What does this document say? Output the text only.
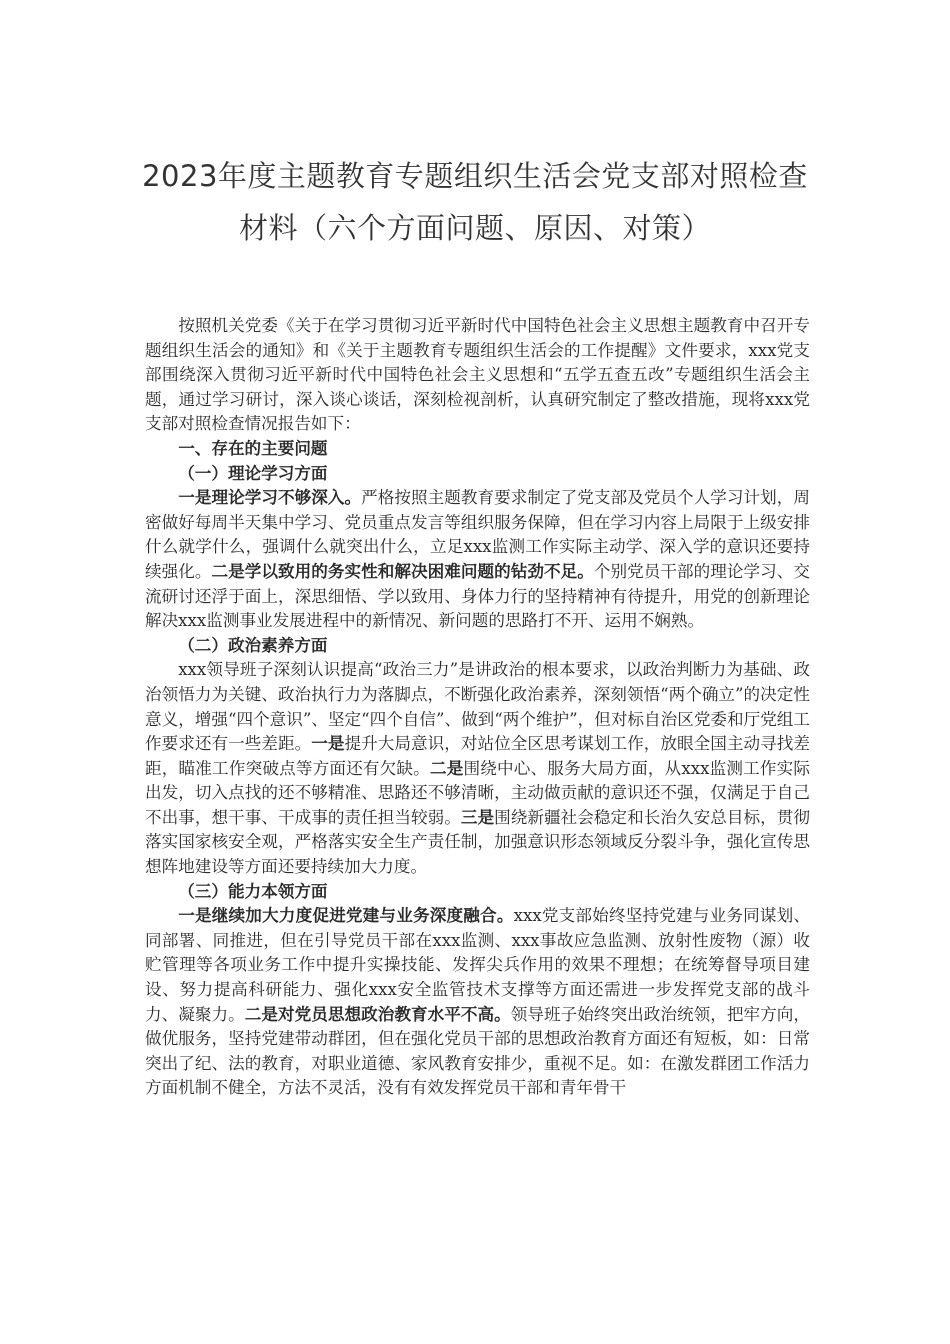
2023年度主题教育专题组织生活会党支部对照检查
材料（六个方面问题、原因、对策）

按照机关党委《关于在学习贯彻习近平新时代中国特色社会主义思想主题教育中召开专题组织生活会的通知》和《关于主题教育专题组织生活会的工作提醒》文件要求，xxx党支部围绕深入贯彻习近平新时代中国特色社会主义思想和“五学五查五改”专题组织生活会主题，通过学习研讨，深入谈心谈话，深刻检视剖析，认真研究制定了整改措施，现将xxx党支部对照检查情况报告如下：

一、存在的主要问题

（一）理论学习方面

一是理论学习不够深入。严格按照主题教育要求制定了党支部及党员个人学习计划，周密做好每周半天集中学习、党员重点发言等组织服务保障，但在学习内容上局限于上级安排什么就学什么，强调什么就突出什么，立足xxx监测工作实际主动学、深入学的意识还要持续强化。二是学以致用的务实性和解决困难问题的钻劲不足。个别党员干部的理论学习、交流研讨还浮于面上，深思细悟、学以致用、身体力行的坚持精神有待提升，用党的创新理论解决xxx监测事业发展进程中的新情况、新问题的思路打不开、运用不娴熟。

（二）政治素养方面

xxx领导班子深刻认识提高“政治三力”是讲政治的根本要求，以政治判断力为基础、政治领悟力为关键、政治执行力为落脚点，不断强化政治素养，深刻领悟“两个确立”的决定性意义，增强“四个意识”、坚定“四个自信”、做到“两个维护”，但对标自治区党委和厅党组工作要求还有一些差距。一是提升大局意识，对站位全区思考谋划工作，放眼全国主动寻找差距，瞄准工作突破点等方面还有欠缺。二是围绕中心、服务大局方面，从xxx监测工作实际出发，切入点找的还不够精准、思路还不够清晰，主动做贡献的意识还不强，仅满足于自己不出事，想干事、干成事的责任担当较弱。三是围绕新疆社会稳定和长治久安总目标，贯彻落实国家核安全观，严格落实安全生产责任制，加强意识形态领域反分裂斗争，强化宣传思想阵地建设等方面还要持续加大力度。

（三）能力本领方面

一是继续加大力度促进党建与业务深度融合。xxx党支部始终坚持党建与业务同谋划、同部署、同推进，但在引导党员干部在xxx监测、xxx事故应急监测、放射性废物（源）收贮管理等各项业务工作中提升实操技能、发挥尖兵作用的效果不理想；在统筹督导项目建设、努力提高科研能力、强化xxx安全监管技术支撑等方面还需进一步发挥党支部的战斗力、凝聚力。二是对党员思想政治教育水平不高。领导班子始终突出政治统领，把牢方向，做优服务，坚持党建带动群团，但在强化党员干部的思想政治教育方面还有短板，如：日常突出了纪、法的教育，对职业道德、家风教育安排少，重视不足。如：在激发群团工作活力方面机制不健全，方法不灵活，没有有效发挥党员干部和青年骨干
